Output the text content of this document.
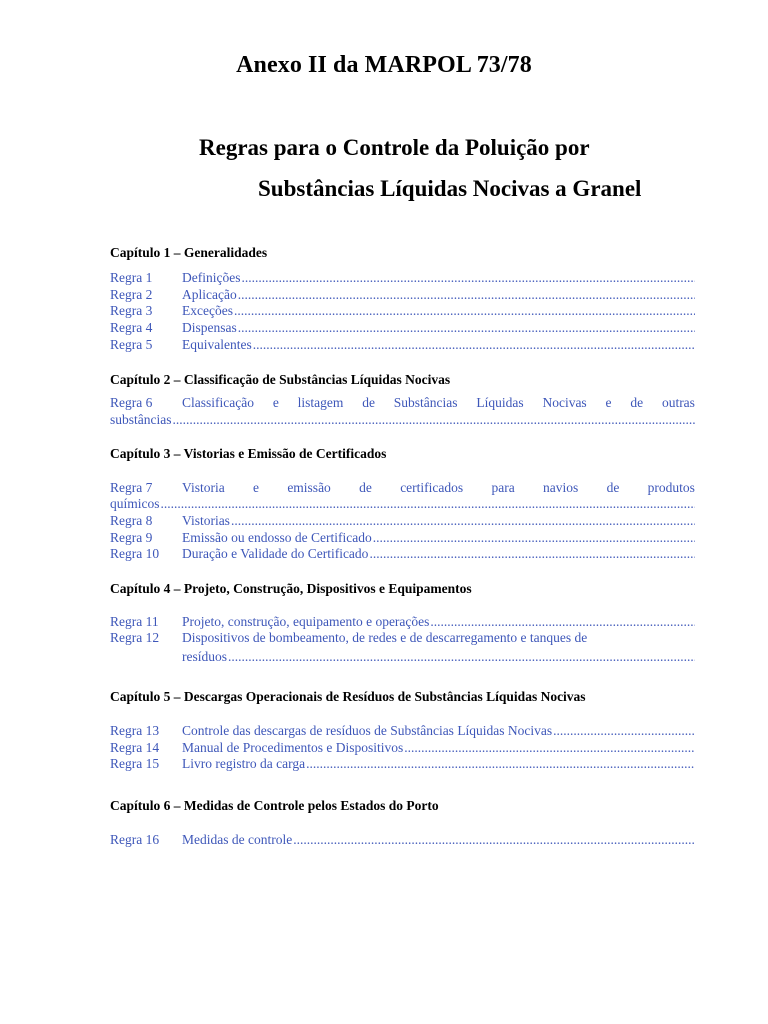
Anexo II da MARPOL 73/78
Regras para o Controle da Poluição por
Substâncias Líquidas Nocivas a Granel
Capítulo 1 – Generalidades
Regra 1	Definições
.....
Regra 2	Aplicação
.....
Regra 3	Exceções
.....
Regra 4	Dispensas
.....
Regra 5	Equivalentes
.....
Capítulo 2 – Classificação de Substâncias Líquidas Nocivas
Regra 6	Classificação e listagem de Substâncias Líquidas Nocivas e de outras
substâncias
.....
Capítulo 3 – Vistorias e Emissão de Certificados
Regra 7	Vistoria e emissão de certificados para navios de produtos
químicos
.....
Regra 8	Vistorias
.....
Regra 9	Emissão ou endosso de Certificado
.....
Regra 10	Duração e Validade do Certificado
.....
Capítulo 4 – Projeto, Construção, Dispositivos e Equipamentos
Regra 11	Projeto, construção, equipamento e operações
.....
Regra 12	Dispositivos de bombeamento, de redes e de descarregamento e tanques de
resíduos
.....
Capítulo 5 – Descargas Operacionais de Resíduos de Substâncias Líquidas Nocivas
Regra 13	Controle das descargas de resíduos de Substâncias Líquidas Nocivas
.....
Regra 14	Manual de Procedimentos e Dispositivos
.....
Regra 15	Livro registro da carga
.....
Capítulo 6 – Medidas de Controle pelos Estados do Porto
Regra 16	Medidas de controle
.....
